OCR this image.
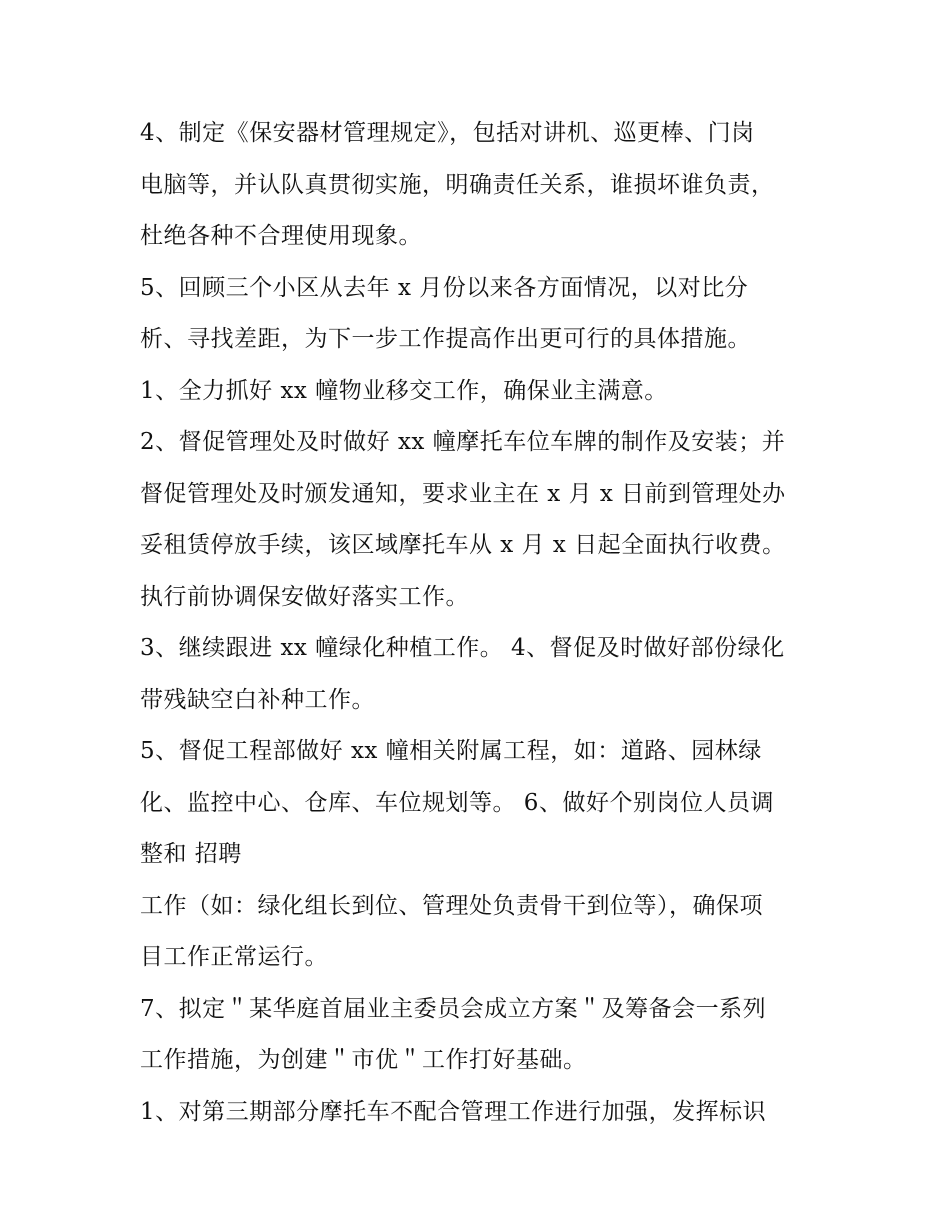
4、制定《保安器材管理规定》，包括对讲机、巡更棒、门岗
电脑等，并认队真贯彻实施，明确责任关系，谁损坏谁负责，
杜绝各种不合理使用现象。
5、回顾三个小区从去年 x 月份以来各方面情况，以对比分
析、寻找差距，为下一步工作提高作出更可行的具体措施。
1、全力抓好 xx 幢物业移交工作，确保业主满意。
2、督促管理处及时做好 xx 幢摩托车位车牌的制作及安装；并
督促管理处及时颁发通知，要求业主在 x 月 x 日前到管理处办
妥租赁停放手续，该区域摩托车从 x 月 x 日起全面执行收费。
执行前协调保安做好落实工作。
3、继续跟进 xx 幢绿化种植工作。 4、督促及时做好部份绿化
带残缺空白补种工作。
5、督促工程部做好 xx 幢相关附属工程，如：道路、园林绿
化、监控中心、仓库、车位规划等。 6、做好个别岗位人员调
整和 招聘
工作（如：绿化组长到位、管理处负责骨干到位等），确保项
目工作正常运行。
7、拟定＂某华庭首届业主委员会成立方案＂及筹备会一系列
工作措施，为创建＂市优＂工作打好基础。
1、对第三期部分摩托车不配合管理工作进行加强，发挥标识
